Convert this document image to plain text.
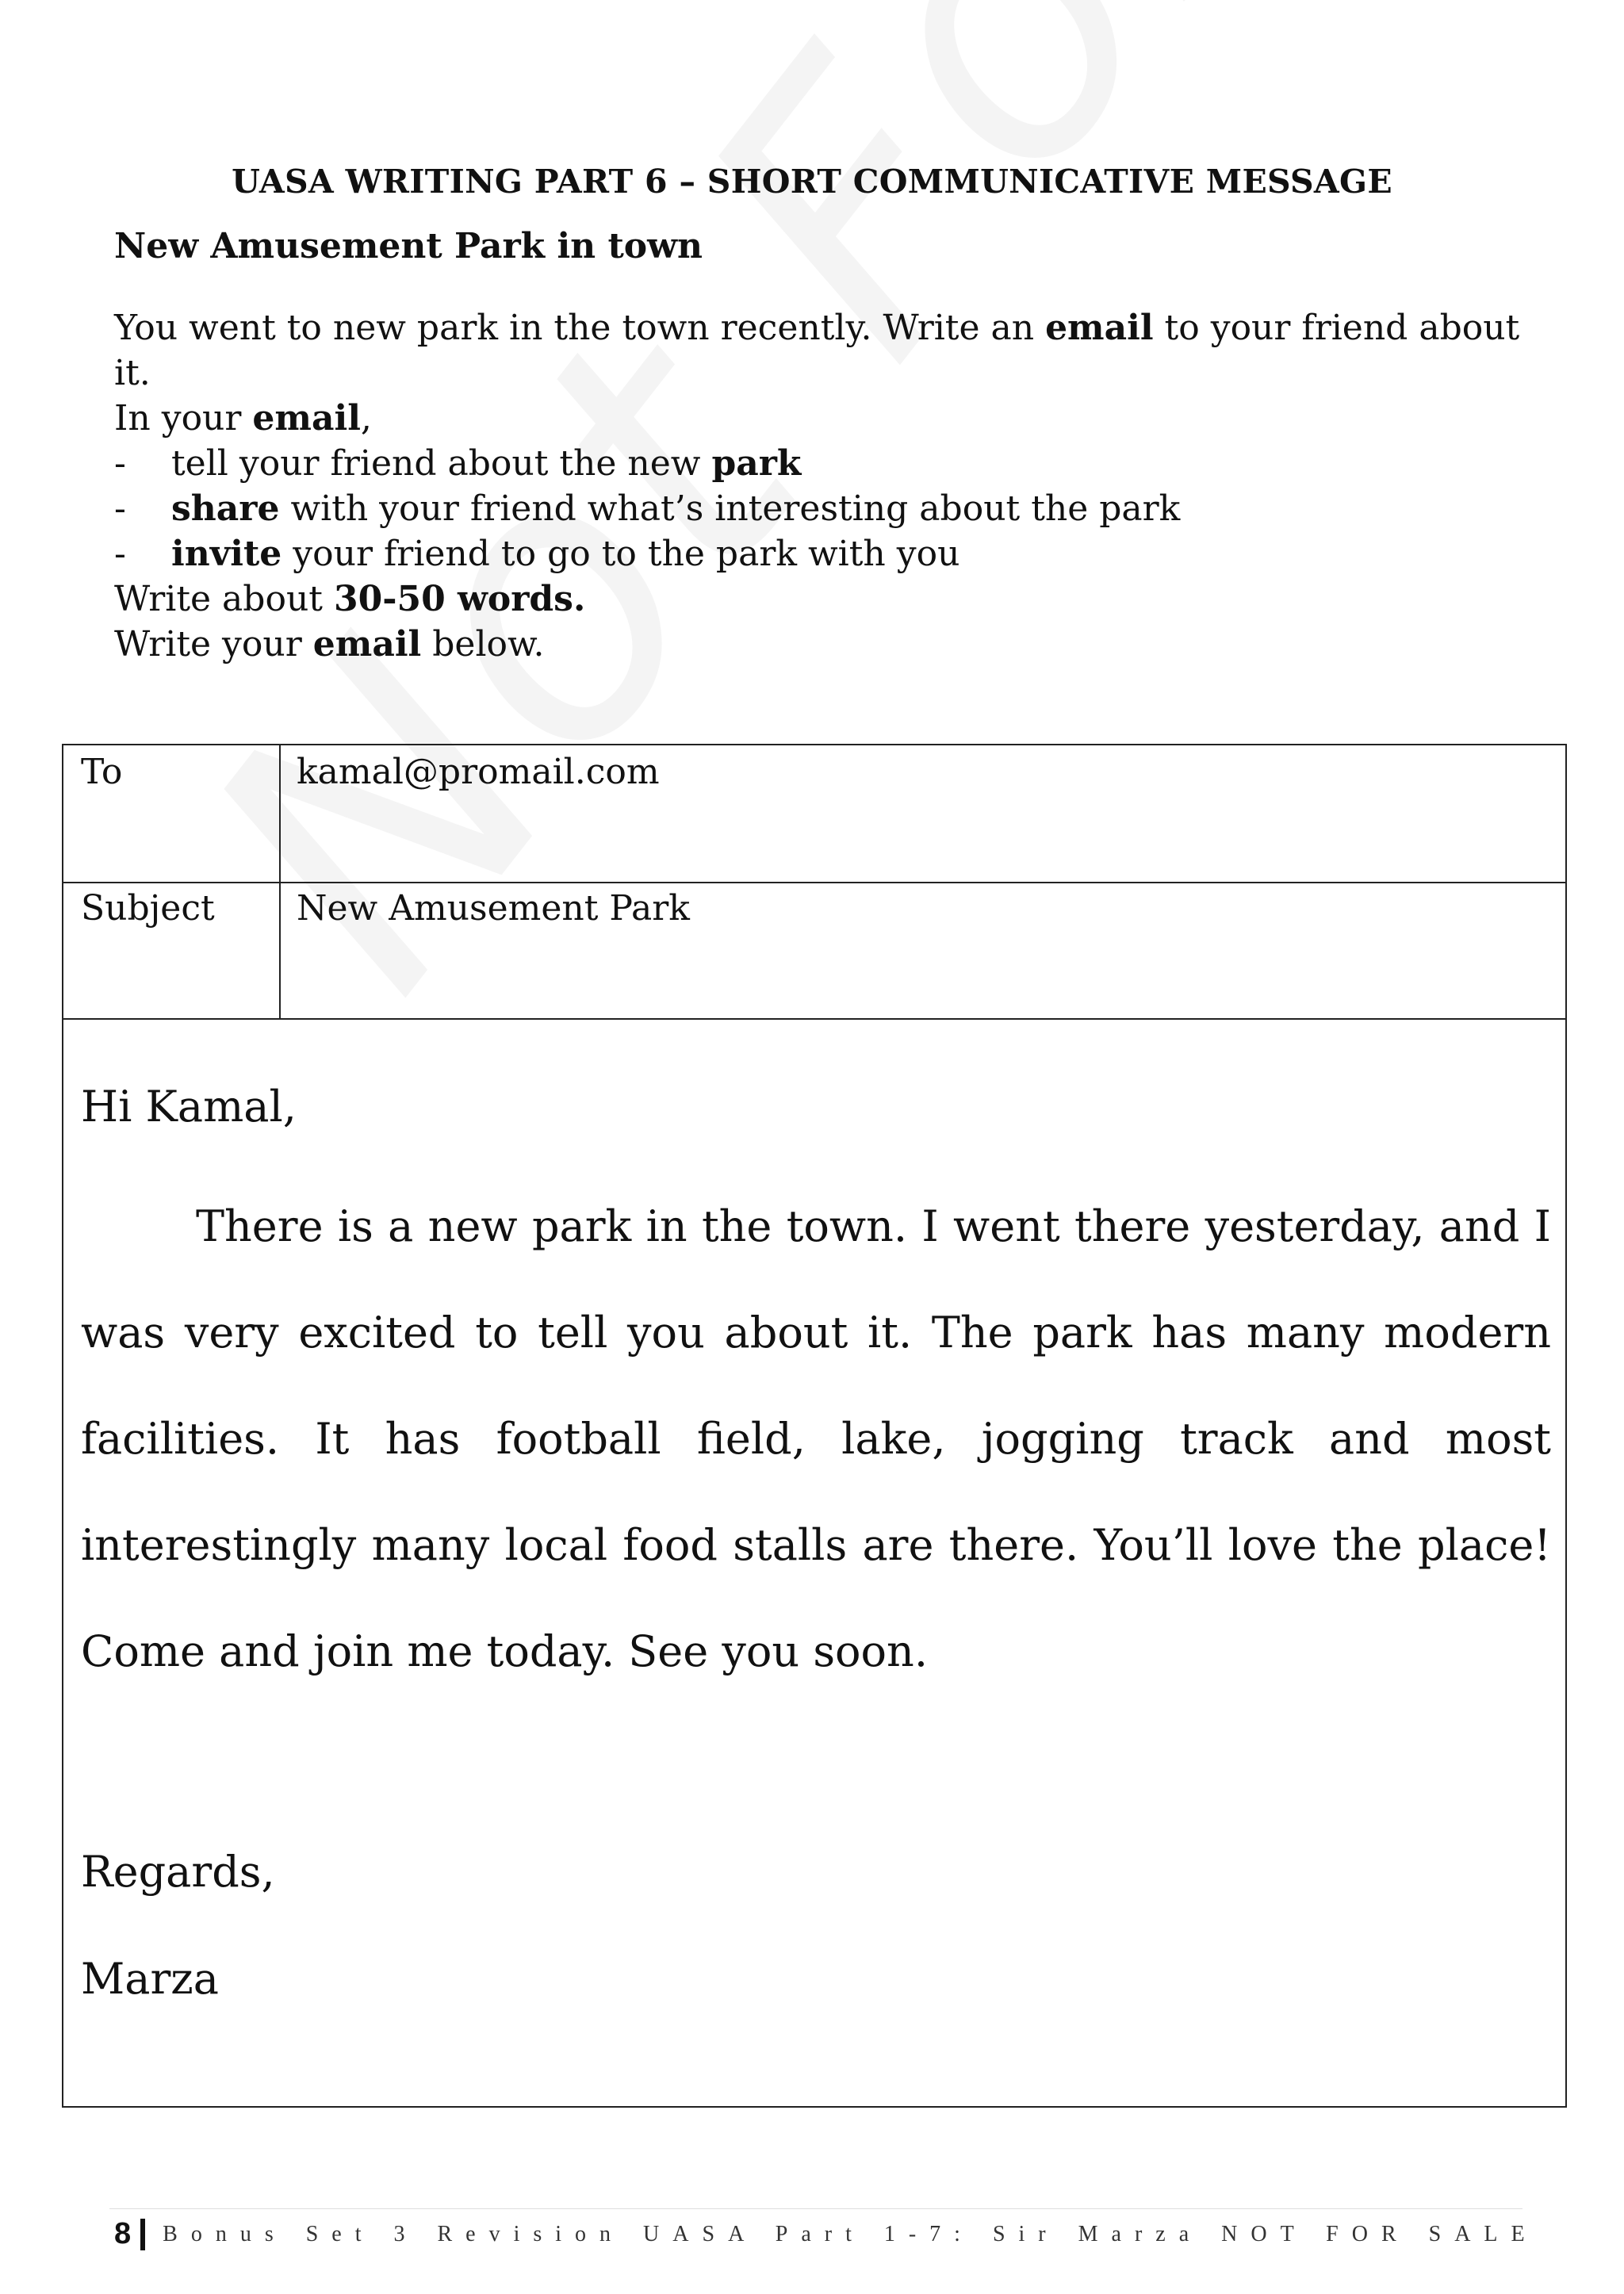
UASA WRITING PART 6 – SHORT COMMUNICATIVE MESSAGE
New Amusement Park in town

You went to new park in the town recently. Write an email to your friend about it.

In your email,

-	tell your friend about the new park
-	share with your friend what’s interesting about the park
-	invite your friend to go to the park with you

Write about 30-50 words.

Write your email below.

To	kamal@promail.com
Subject New Amusement Park
Hi Kamal,
There is a new park in the town. I went there yesterday, and I was very excited to tell you about it. The park has many modern facilities. It has football field, lake, jogging track and most interestingly many local food stalls are there. You’ll love the place! Come and join me today. See you soon.
Regards,
Marza
8 Bonus Set 3 Revision UASA Part 1-7: Sir Marza NOT FOR SALE
